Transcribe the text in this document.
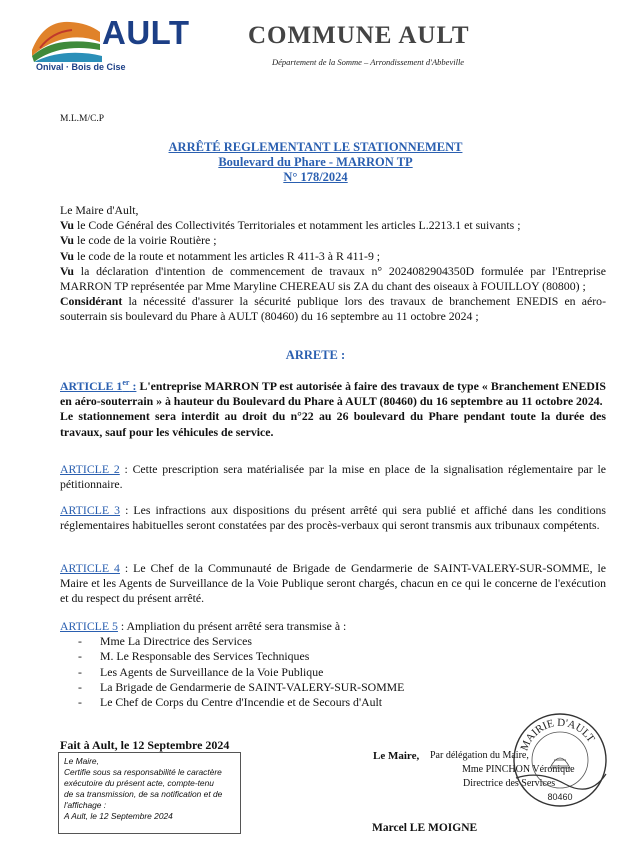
AULT
Onival · Bois de Cise
COMMUNE AULT
Département de la Somme – Arrondissement d'Abbeville
M.L.M/C.P
ARRÊTÉ REGLEMENTANT LE STATIONNEMENT
Boulevard du Phare - MARRON TP
N° 178/2024

Le Maire d'Ault,

Vu le Code Général des Collectivités Territoriales et notamment les articles L.2213.1 et suivants ;

Vu le code de la voirie Routière ;

Vu le code de la route et notamment les articles R 411-3 à R 411-9 ;

Vu la déclaration d'intention de commencement de travaux n° 2024082904350D formulée par l'Entreprise MARRON TP représentée par Mme Maryline CHEREAU sis ZA du chant des oiseaux à FOUILLOY (80800) ;

Considérant la nécessité d'assurer la sécurité publique lors des travaux de branchement ENEDIS en aéro-souterrain sis boulevard du Phare à AULT (80460) du 16 septembre au 11 octobre 2024 ;

ARRETE :

ARTICLE 1er : L'entreprise MARRON TP est autorisée à faire des travaux de type « Branchement ENEDIS en aéro-souterrain » à hauteur du Boulevard du Phare à AULT (80460) du 16 septembre au 11 octobre 2024.

Le stationnement sera interdit au droit du n°22 au 26 boulevard du Phare pendant toute la durée des travaux, sauf pour les véhicules de service.

ARTICLE 2 : Cette prescription sera matérialisée par la mise en place de la signalisation réglementaire par le pétitionnaire.

ARTICLE 3 : Les infractions aux dispositions du présent arrêté qui sera publié et affiché dans les conditions réglementaires habituelles seront constatées par des procès-verbaux qui seront transmis aux tribunaux compétents.

ARTICLE 4 : Le Chef de la Communauté de Brigade de Gendarmerie de SAINT-VALERY-SUR-SOMME, le Maire et les Agents de Surveillance de la Voie Publique seront chargés, chacun en ce qui le concerne de l'exécution et du respect du présent arrêté.

ARTICLE 5 : Ampliation du présent arrêté sera transmise à :

- Mme La Directrice des Services
- M. Le Responsable des Services Techniques
- Les Agents de Surveillance de la Voie Publique
- La Brigade de Gendarmerie de SAINT-VALERY-SUR-SOMME
- Le Chef de Corps du Centre d'Incendie et de Secours d'Ault
Fait à Ault, le 12 Septembre 2024
Le Maire,
Certifie sous sa responsabilité le caractère
exécutoire du présent acte, compte-tenu
de sa transmission, de sa notification et de
l'affichage :
A Ault, le 12 Septembre 2024
Le Maire, Par délégation du Maire,
Mme PINCHON Véronique
Directrice des Services
MAIRIE D'AULT
80460
Marcel LE MOIGNE
